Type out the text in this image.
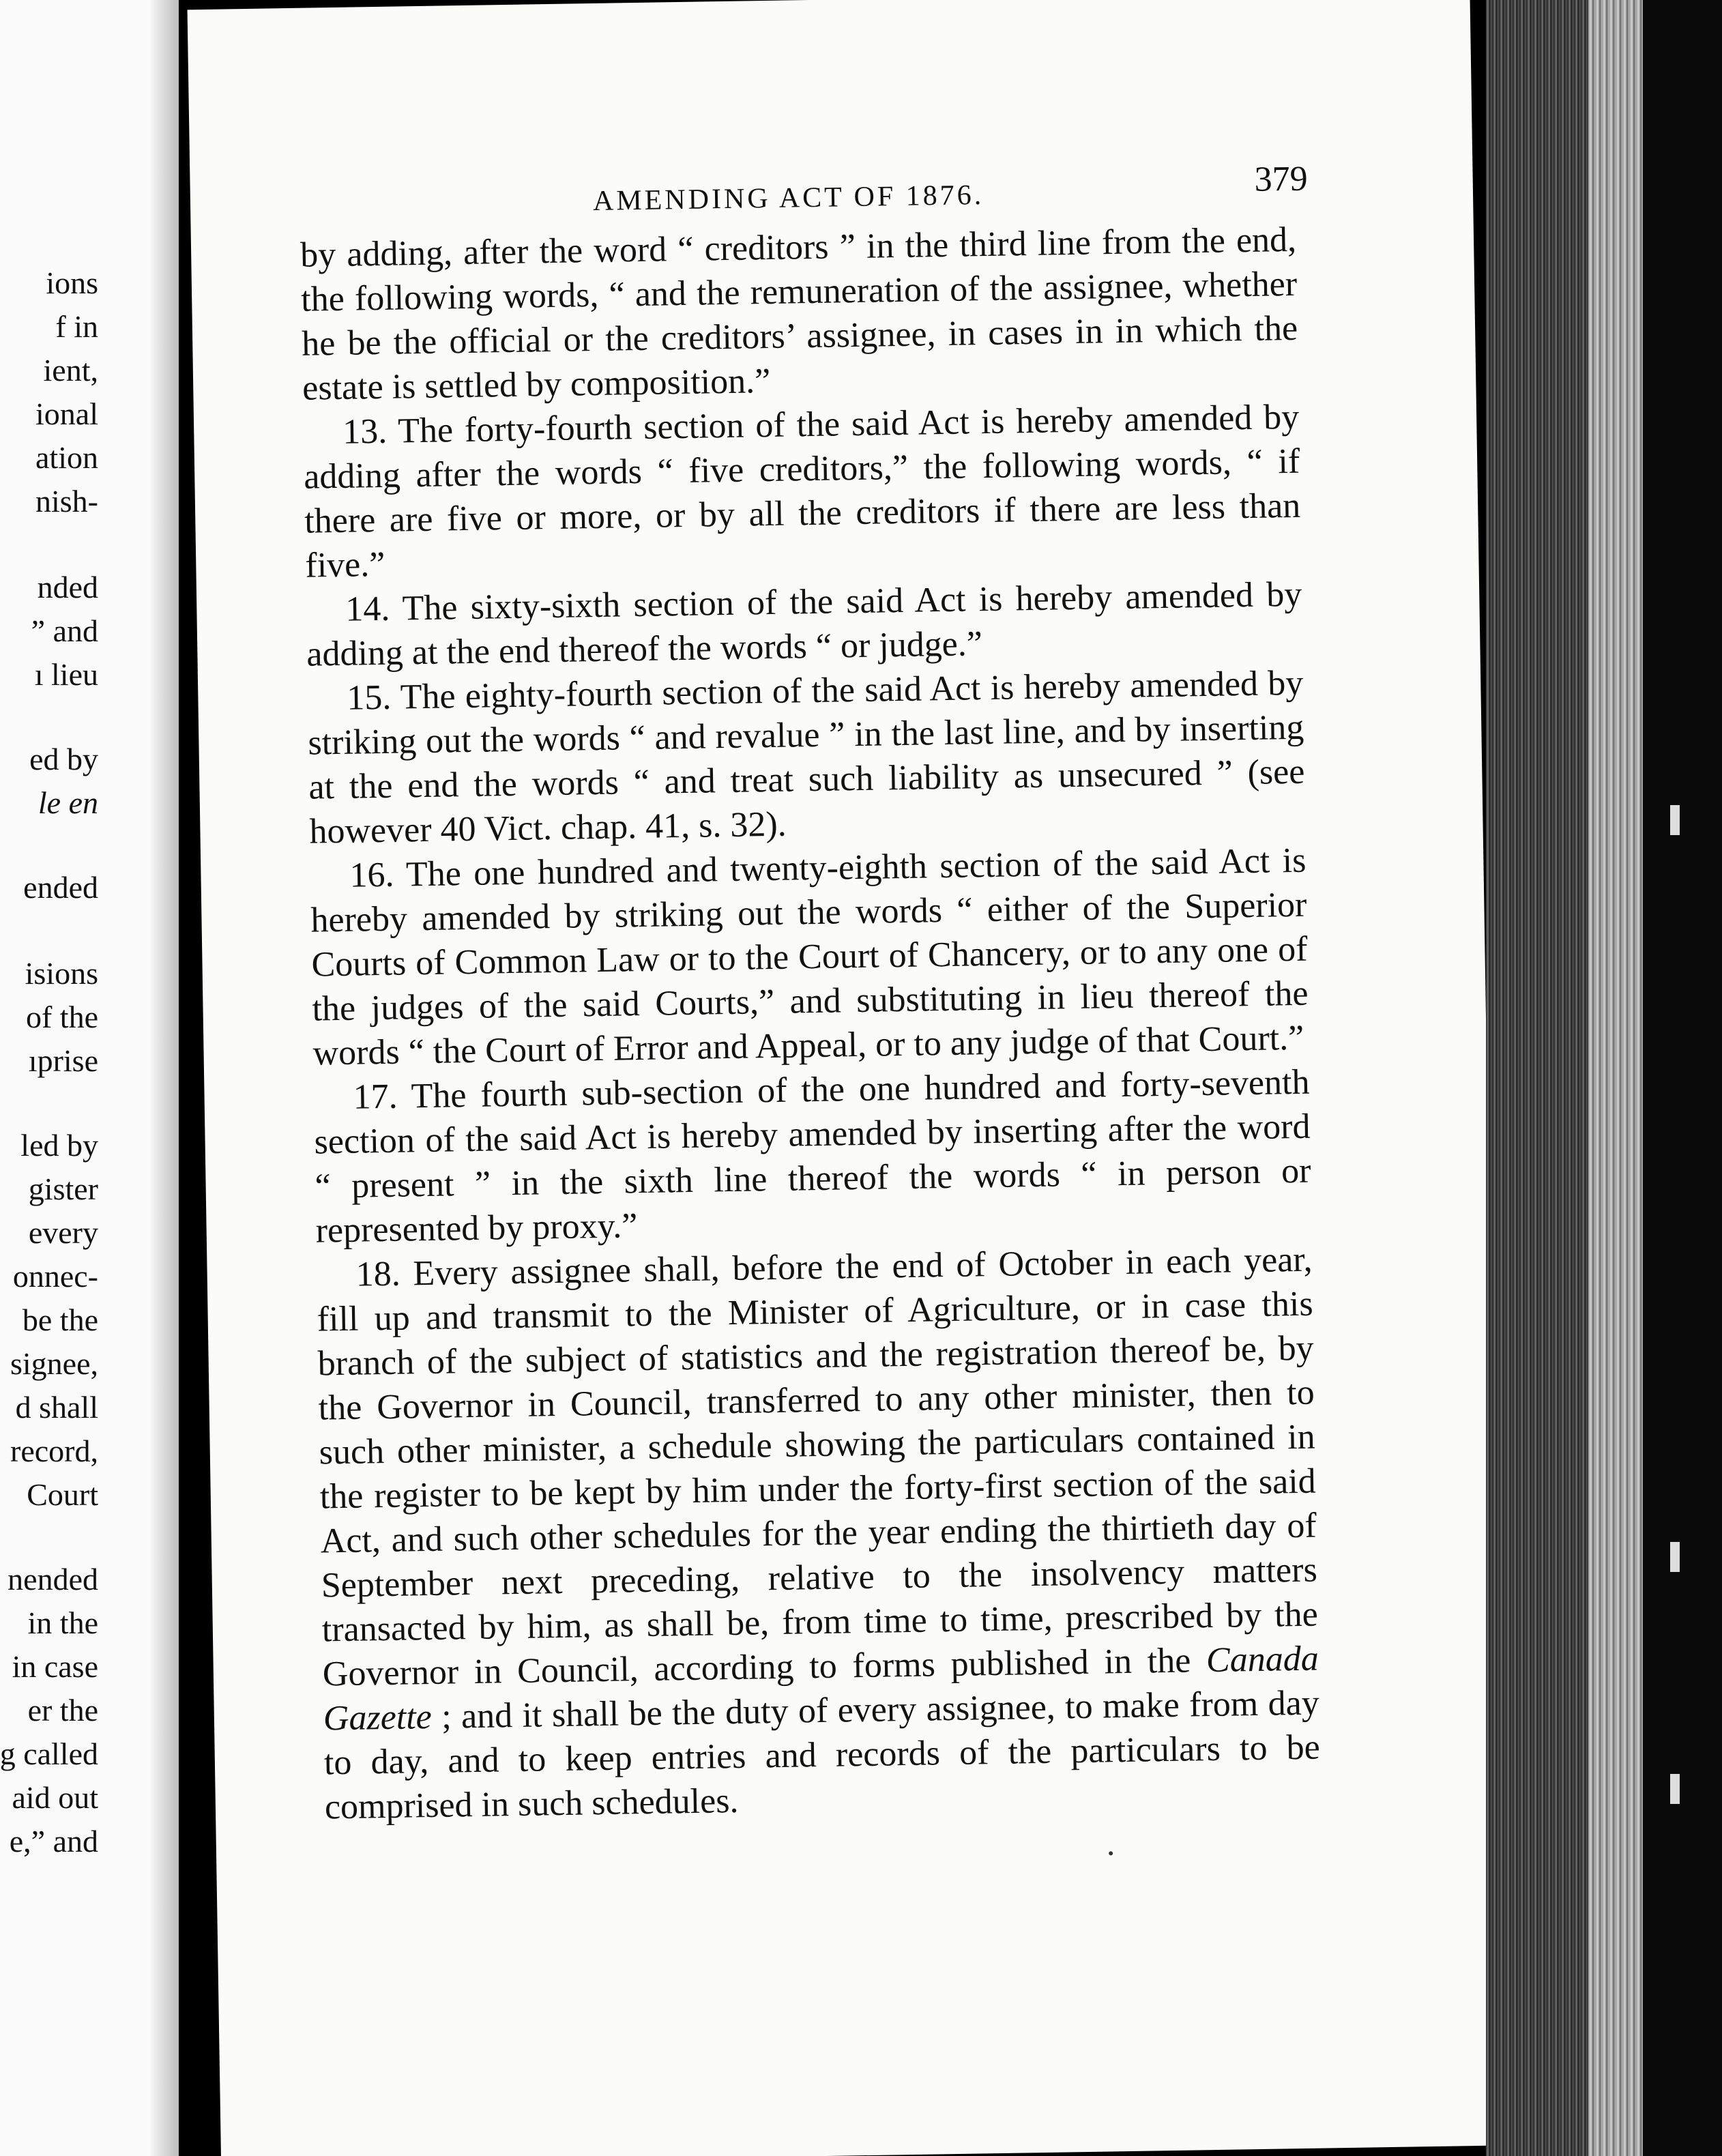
ions
f in
ient,
ional
ation
nish-
nded
” and
ı lieu
ed by
le en
ended
isions
of the
ıprise
led by
gister
every
onnec-
be the
signee,
d shall
record,
Court
nended
in the
in case
er the
g called
aid out
e,” and
AMENDING ACT OF 1876.	379

by adding, after the word “ creditors ” in the third line from the end, the following words, “ and the remuneration of the assignee, whether he be the official or the creditors’ assignee, in cases in in which the estate is settled by composition.”

13. The forty-fourth section of the said Act is hereby amended by adding after the words “ five creditors,” the following words, “ if there are five or more, or by all the creditors if there are less than five.”

14. The sixty-sixth section of the said Act is hereby amended by adding at the end thereof the words “ or judge.”

15. The eighty-fourth section of the said Act is hereby amended by striking out the words “ and revalue ” in the last line, and by inserting at the end the words “ and treat such liability as unsecured ” (see however 40 Vict. chap. 41, s. 32).

16. The one hundred and twenty-eighth section of the said Act is hereby amended by striking out the words “ either of the Superior Courts of Common Law or to the Court of Chancery, or to any one of the judges of the said Courts,” and substituting in lieu thereof the words “ the Court of Error and Appeal, or to any judge of that Court.”

17. The fourth sub-section of the one hundred and forty-seventh section of the said Act is hereby amended by inserting after the word “ present ” in the sixth line thereof the words “ in person or represented by proxy.”

18. Every assignee shall, before the end of October in each year, fill up and transmit to the Minister of Agriculture, or in case this branch of the subject of statistics and the registration thereof be, by the Governor in Council, transferred to any other minister, then to such other minister, a schedule showing the particulars contained in the register to be kept by him under the forty-first section of the said Act, and such other schedules for the year ending the thirtieth day of September next preceding, relative to the insolvency matters transacted by him, as shall be, from time to time, prescribed by the Governor in Council, according to forms published in the Canada Gazette ; and it shall be the duty of every assignee, to make from day to day, and to keep entries and records of the particulars to be comprised in such schedules.
